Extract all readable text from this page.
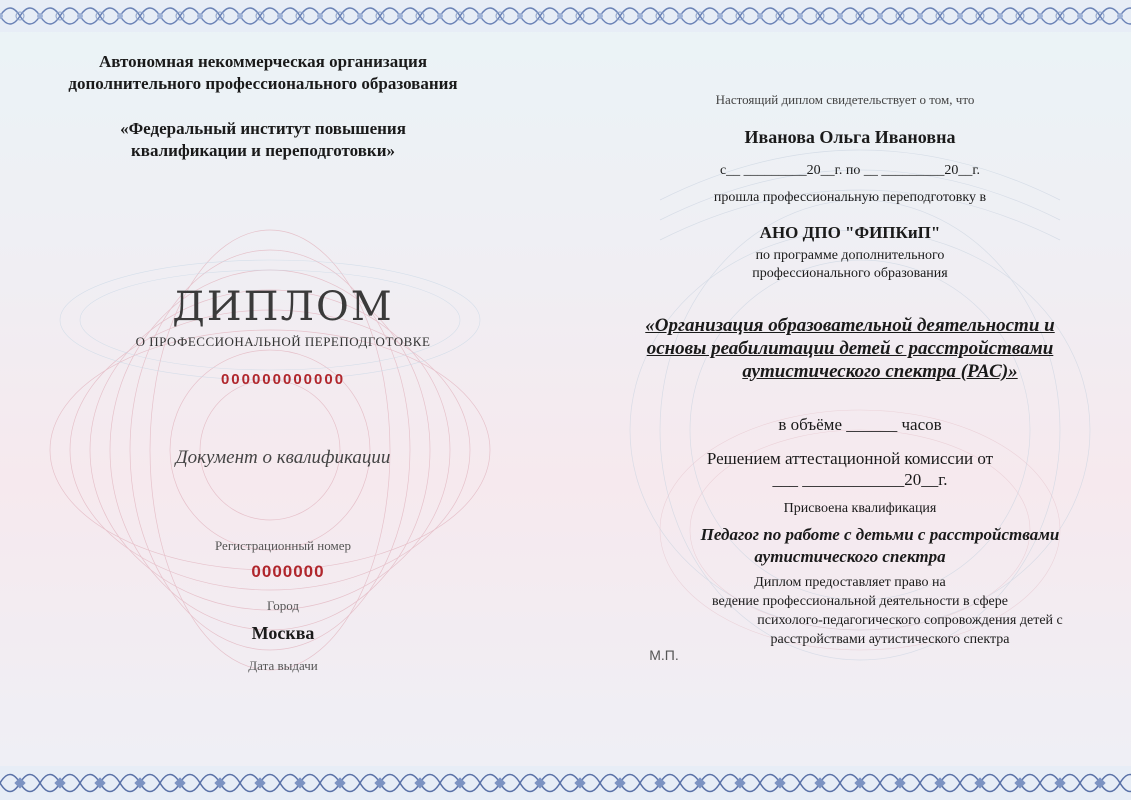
Автономная некоммерческая организация
дополнительного профессионального образования
«Федеральный институт повышения
квалификации и переподготовки»
ДИПЛОМ
О ПРОФЕССИОНАЛЬНОЙ ПЕРЕПОДГОТОВКЕ
000000000000
Документ о квалификации
Регистрационный номер
0000000
Город
Москва
Дата выдачи
Настоящий диплом свидетельствует о том, что
Иванова Ольга Ивановна
с__ _________20__г. по __ _________20__г.
прошла профессиональную переподготовку в
АНО ДПО "ФИПКиП"
по программе дополнительного
профессионального образования
«Организация образовательной деятельности и
основы реабилитации детей с расстройствами
аутистического спектра (РАС)»
в объёме ______ часов
Решением аттестационной комиссии от
___ ____________20__г.
Присвоена квалификация
Педагог по работе с детьми с расстройствами
аутистического спектра
Диплом предоставляет право на
ведение профессиональной деятельности в сфере
психолого-педагогического сопровождения детей с
расстройствами аутистического спектра
М.П.
